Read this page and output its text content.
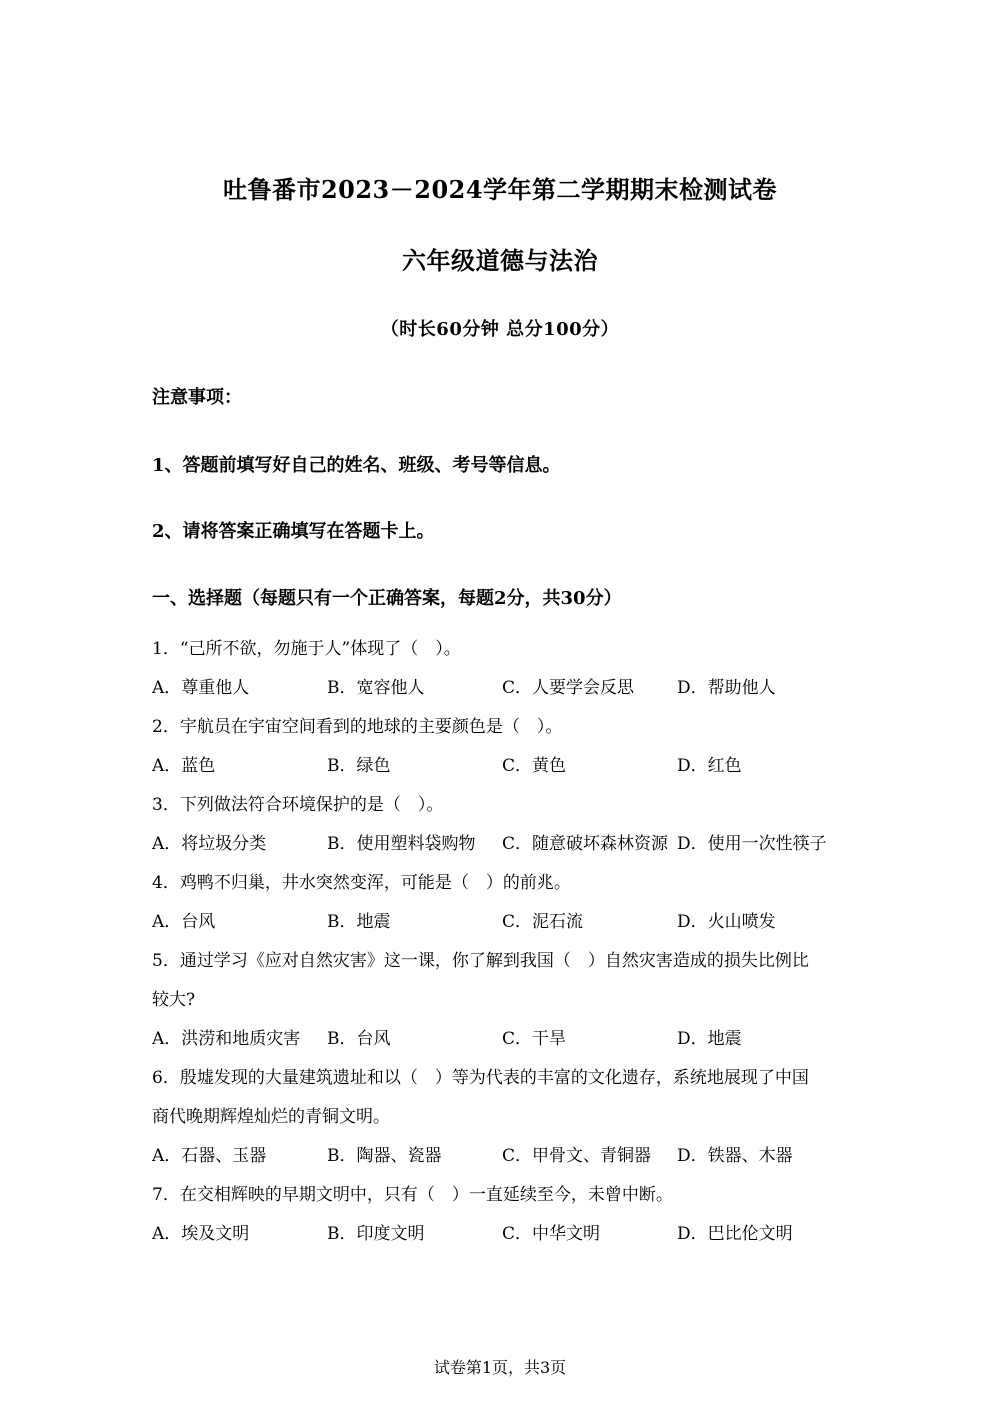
吐鲁番市2023－2024学年第二学期期末检测试卷
六年级道德与法治
（时长60分钟 总分100分）
注意事项：
1、答题前填写好自己的姓名、班级、考号等信息。
2、请将答案正确填写在答题卡上。
一、选择题（每题只有一个正确答案，每题2分，共30分）
1．“己所不欲，勿施于人”体现了（　）。
A．尊重他人	B．宽容他人	C．人要学会反思	D．帮助他人
2．宇航员在宇宙空间看到的地球的主要颜色是（　）。
A．蓝色	B．绿色	C．黄色	D．红色
3．下列做法符合环境保护的是（　）。
A．将垃圾分类	B．使用塑料袋购物	C．随意破坏森林资源 D．使用一次性筷子
4．鸡鸭不归巢，井水突然变浑，可能是（　）的前兆。
A．台风	B．地震	C．泥石流	D．火山喷发
5．通过学习《应对自然灾害》这一课，你了解到我国（　）自然灾害造成的损失比例比
较大?
A．洪涝和地质灾害	B．台风	C．干旱	D．地震
6．殷墟发现的大量建筑遗址和以（　）等为代表的丰富的文化遗存，系统地展现了中国
商代晚期辉煌灿烂的青铜文明。
A．石器、玉器	B．陶器、瓷器	C．甲骨文、青铜器	D．铁器、木器
7．在交相辉映的早期文明中，只有（　）一直延续至今，未曾中断。
A．埃及文明	B．印度文明	C．中华文明	D．巴比伦文明
试卷第1页，共3页
